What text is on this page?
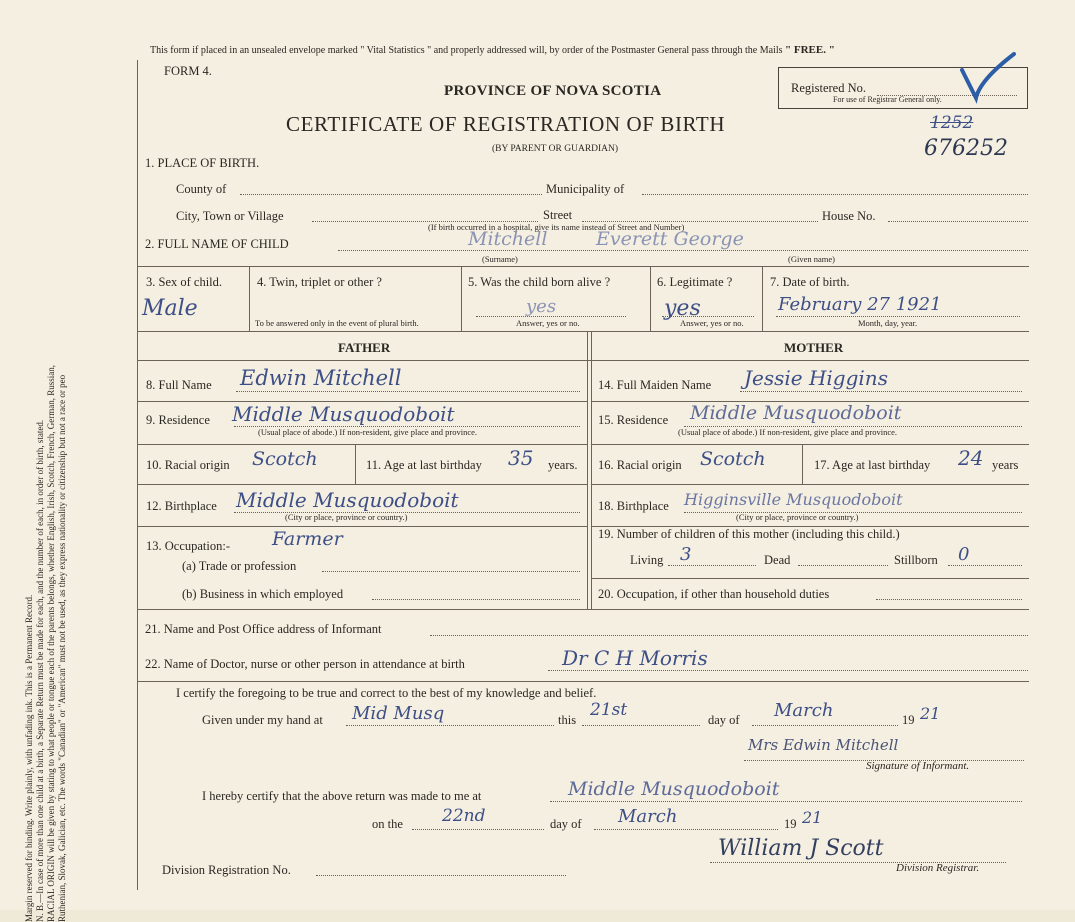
Margin reserved for binding. Write plainly, with unfading ink. This is a Permanent Record. N. B.—In case of more than one child at a birth, a Separate Return must be made for each, and the number of each, in order of birth, stated. RACIAL ORIGIN will be given by stating to what people or tongue each of the parents belongs, whether English, Irish, Scotch, French, German, Russian, Ruthenian, Slovak, Galician, etc. The words "Canadian" or "American" must not be used, as they express nationality or citizenship but not a race or peo
This form if placed in an unsealed envelope marked " Vital Statistics " and properly addressed will, by order of the Postmaster General pass through the Mails " FREE. "
FORM 4.
PROVINCE OF NOVA SCOTIA
CERTIFICATE OF REGISTRATION OF BIRTH
(BY PARENT OR GUARDIAN)
Registered No.
For use of Registrar General only.
1252
676252
1. PLACE OF BIRTH.
County of	Municipality of
City, Town or Village	Street	House No.
(If birth occurred in a hospital, give its name instead of Street and Number)
2. FULL NAME OF CHILD	Mitchell	Everett George
(Surname)	(Given name)
3. Sex of child.
Male
4. Twin, triplet or other ?
To be answered only in the event of plural birth.
5. Was the child born alive ?
yes
Answer, yes or no.
6. Legitimate ?
yes
Answer, yes or no.
7. Date of birth.
February 27 1921
Month, day, year.
FATHER	MOTHER
8. Full Name Edwin Mitchell
9. Residence Middle Musquodoboit
(Usual place of abode.) If non-resident, give place and province.
10. Racial origin Scotch	11. Age at last birthday 35 years.
12. Birthplace Middle Musquodoboit
(City or place, province or country.)
13. Occupation:- Farmer
(a) Trade or profession
(b) Business in which employed
14. Full Maiden Name Jessie Higgins
15. Residence Middle Musquodoboit
(Usual place of abode.) If non-resident, give place and province.
16. Racial origin Scotch	17. Age at last birthday 24 years
18. Birthplace Higginsville Musquodoboit
(City or place, province or country.)
19. Number of children of this mother (including this child.)
Living 3	Dead	Stillborn 0
20. Occupation, if other than household duties
21. Name and Post Office address of Informant
22. Name of Doctor, nurse or other person in attendance at birth	Dr C H Morris
I certify the foregoing to be true and correct to the best of my knowledge and belief.
Given under my hand at Mid Musq	this 21st	day of March	19 21
Mrs Edwin Mitchell
Signature of Informant.
I hereby certify that the above return was made to me at	Middle Musquodoboit
on the 22nd	day of March	19 21
Division Registration No.
William J Scott
Division Registrar.
